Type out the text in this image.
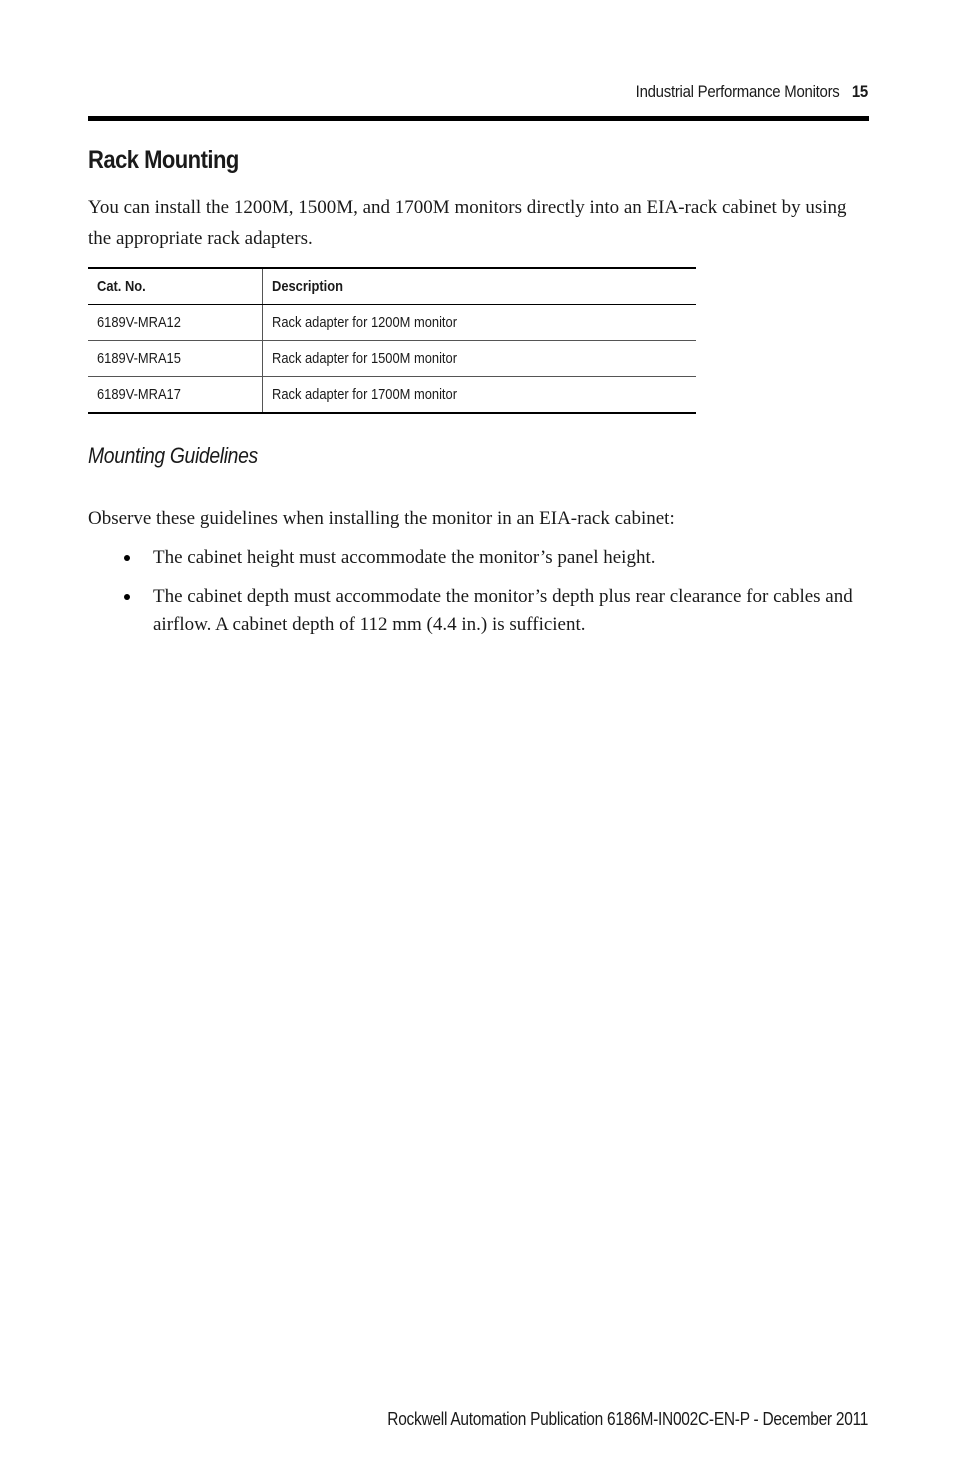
Industrial Performance Monitors 15
Rack Mounting

You can install the 1200M, 1500M, and 1700M monitors directly into an EIA-rack cabinet by using the appropriate rack adapters.

Cat. No.	Description
6189V-MRA12	Rack adapter for 1200M monitor
6189V-MRA15	Rack adapter for 1500M monitor
6189V-MRA17	Rack adapter for 1700M monitor
Mounting Guidelines

Observe these guidelines when installing the monitor in an EIA-rack cabinet:

The cabinet height must accommodate the monitor’s panel height.
The cabinet depth must accommodate the monitor’s depth plus rear clearance for cables and airflow. A cabinet depth of 112 mm (4.4 in.) is sufficient.
Rockwell Automation Publication 6186M-IN002C-EN-P - December 2011
